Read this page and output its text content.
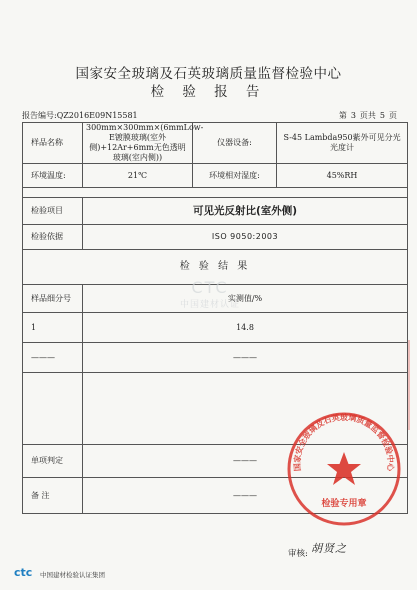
国家安全玻璃及石英玻璃质量监督检验中心
检 验 报 告
报告编号:QZ2016E09N15581	第 3 页共 5 页
样品名称	300mm×300mm×(6mmLow-E镀膜玻璃(室外侧)+12Ar+6mm无色透明玻璃(室内侧))	仪器设备:	S-45 Lambda950紫外可见分光光度计
环境温度:	21℃	环境相对湿度:	45%RH

检验项目	可见光反射比(室外侧)		
检验依据	ISO 9050:2003		
检 验 结 果			
样品细分号	实测值/%		
1	14.8		
———	———		

单项判定	———		
备 注	———		
CTC
中国建材认证
国家安全玻璃及石英玻璃质量监督检验中心
检验专用章
审核: 胡贤之
ctc 中国建材检验认证集团
